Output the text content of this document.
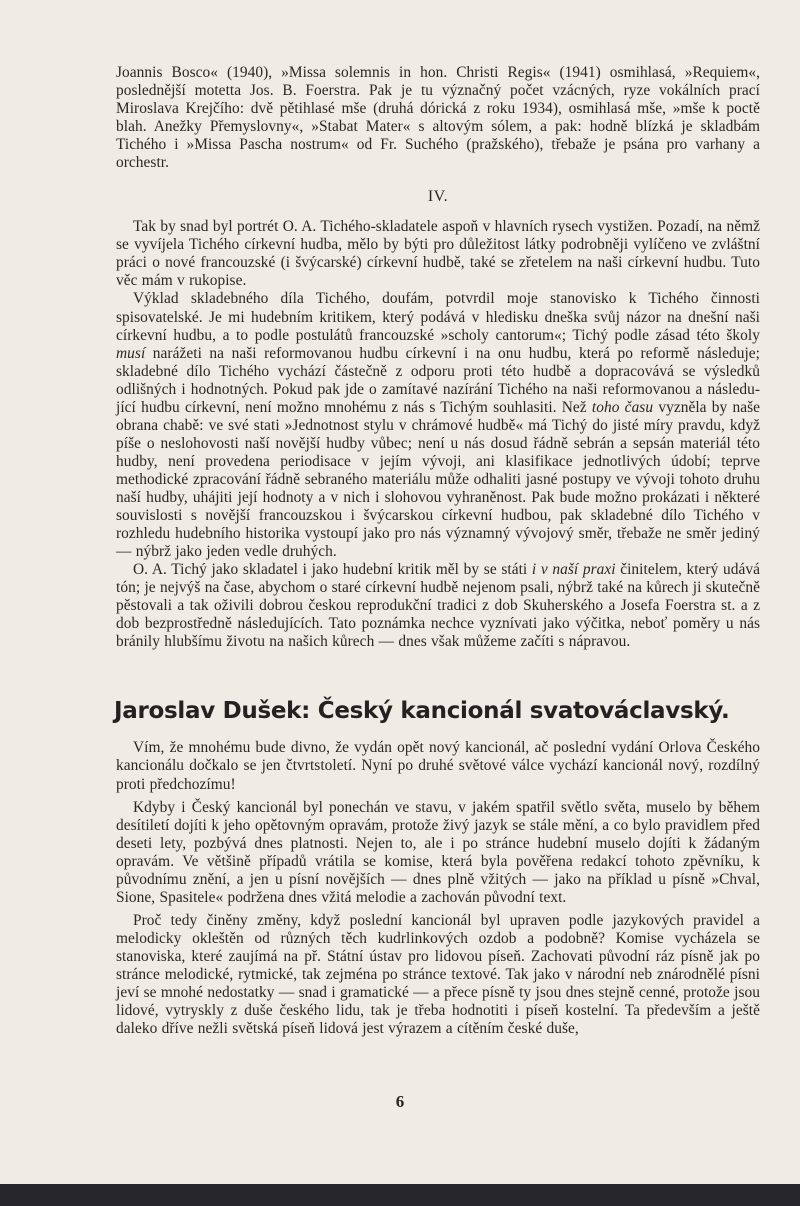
Joannis Bosco« (1940), »Missa solemnis in hon. Christi Regis« (1941) osmihlasá, »Requiem«, poslednější motetta Jos. B. Foerstra. Pak je tu význačný počet vzácných, ryze vokálních prací Miroslava Krejčího: dvě pětihlasé mše (druhá dórická z roku 1934), osmihlasá mše, »mše k poctě blah. Anežky Přemyslovny«, »Stabat Mater« s altovým sólem, a pak: hodně blízká je skladbám Tichého i »Missa Pascha nostrum« od Fr. Suchého (pražského), třebaže je psána pro varhany a orchestr.

IV.

Tak by snad byl portrét O. A. Tichého-skladatele aspoň v hlavních rysech vystižen. Pozadí, na němž se vyvíjela Tichého církevní hudba, mělo by býti pro důležitost látky podrobněji vylíčeno ve zvláštní práci o nové francouzské (i švýcarské) církevní hudbě, také se zřetelem na naši církevní hudbu. Tuto věc mám v rukopise.

Výklad skladebného díla Tichého, doufám, potvrdil moje stanovisko k Tichého činnosti spisovatelské. Je mi hudebním kritikem, který podává v hledisku dneška svůj názor na dnešní naši církevní hudbu, a to podle postulátů francouzské »scholy cantorum«; Tichý podle zásad této školy musí narážeti na naši reformovanou hudbu církevní i na onu hudbu, která po reformě následuje; skladebné dílo Tichého vychází částečně z odporu proti této hudbě a dopracovává se výsledků odlišných i hodnotných. Pokud pak jde o zamítavé nazírání Tichého na naši reformovanou a následující hudbu církevní, není možno mnohému z nás s Tichým souhlasiti. Než toho času vyzněla by naše obrana chabě: ve své stati »Jednotnost stylu v chrámové hudbě« má Tichý do jisté míry pravdu, když píše o neslohovosti naší novější hudby vůbec; není u nás dosud řádně sebrán a sepsán materiál této hudby, není provedena periodisace v jejím vývoji, ani klasifikace jednotlivých údobí; teprve methodické zpracování řádně sebraného materiálu může odhaliti jasné postupy ve vývoji tohoto druhu naší hudby, uhájiti její hodnoty a v nich i slohovou vyhraněnost. Pak bude možno prokázati i některé souvislosti s novější francouzskou i švýcarskou církevní hudbou, pak skladebné dílo Tichého v rozhledu hudebního historika vystoupí jako pro nás významný vývojový směr, třebaže ne směr jediný — nýbrž jako jeden vedle druhých.

O. A. Tichý jako skladatel i jako hudební kritik měl by se státi i v naší praxi činitelem, který udává tón; je nejvýš na čase, abychom o staré církevní hudbě nejenom psali, nýbrž také na kůrech ji skutečně pěstovali a tak oživili dobrou českou reprodukční tradici z dob Skuherského a Josefa Foerstra st. a z dob bezprostředně následujících. Tato poznámka nechce vyznívati jako výčitka, neboť poměry u nás bránily hlubšímu životu na našich kůrech — dnes však můžeme začíti s nápravou.

Jaroslav Dušek: Český kancionál svatováclavský.

Vím, že mnohému bude divno, že vydán opět nový kancionál, ač poslední vydání Orlova Českého kancionálu dočkalo se jen čtvrtstoletí. Nyní po druhé světové válce vychází kancionál nový, rozdílný proti předchozímu!

Kdyby i Český kancionál byl ponechán ve stavu, v jakém spatřil světlo světa, muselo by během desítiletí dojíti k jeho opětovným opravám, protože živý jazyk se stále mění, a co bylo pravidlem před deseti lety, pozbývá dnes platnosti. Nejen to, ale i po stránce hudební muselo dojíti k žádaným opravám. Ve většině případů vrátila se komise, která byla pověřena redakcí tohoto zpěvníku, k původnímu znění, a jen u písní novějších — dnes plně vžitých — jako na příklad u písně »Chval, Sione, Spasitele« podržena dnes vžitá melodie a zachován původní text.

Proč tedy činěny změny, když poslední kancionál byl upraven podle jazykových pravidel a melodicky okleštěn od různých těch kudrlinkových ozdob a podobně? Komise vycházela se stanoviska, které zaujímá na př. Státní ústav pro lidovou píseň. Zachovati původní ráz písně jak po stránce melodické, rytmické, tak zejména po stránce textové. Tak jako v národní neb znárodnělé písni jeví se mnohé nedostatky — snad i gramatické — a přece písně ty jsou dnes stejně cenné, protože jsou lidové, vytryskly z duše českého lidu, tak je třeba hodnotiti i píseň kostelní. Ta především a ještě daleko dříve nežli světská píseň lidová jest výrazem a cítěním české duše,

6
